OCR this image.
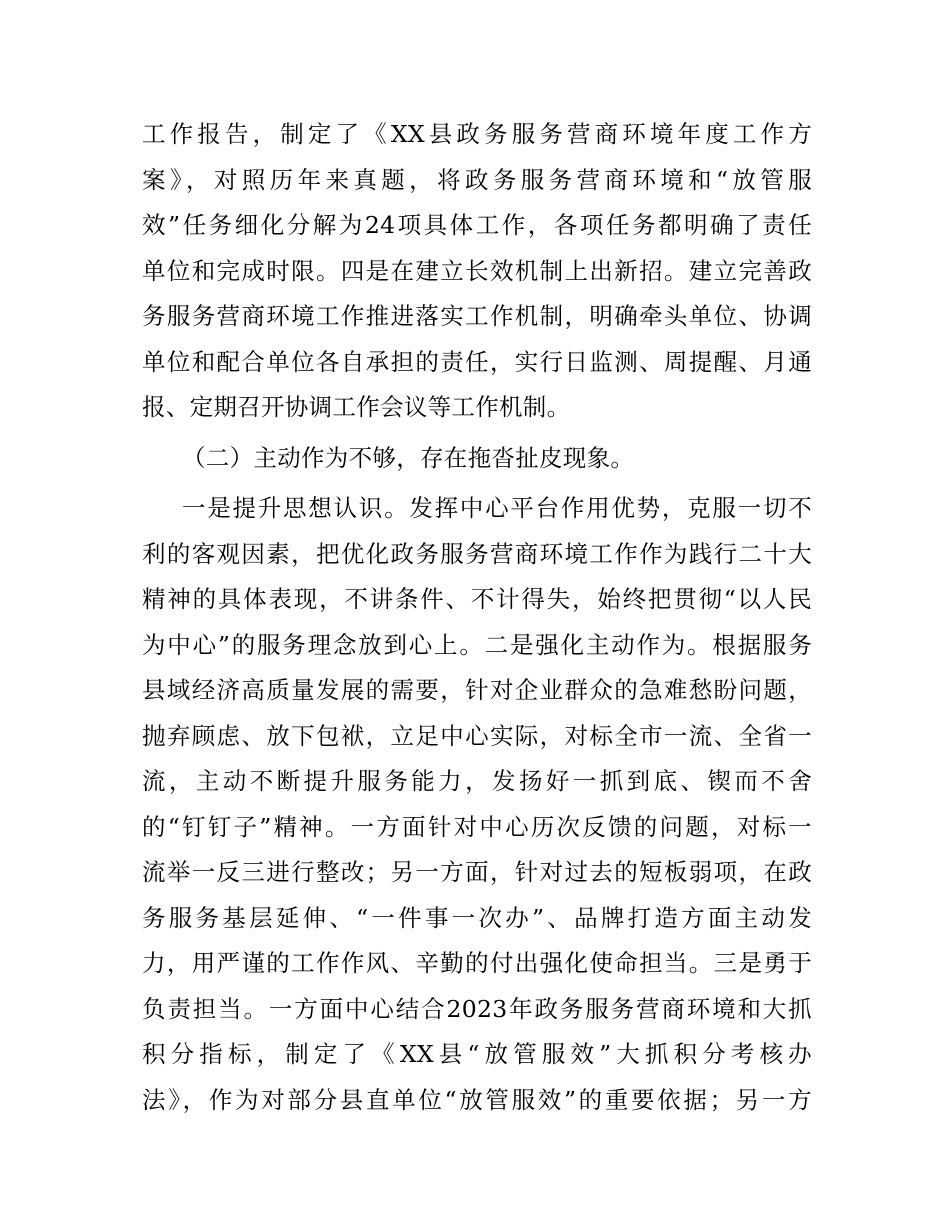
工作报告，制定了《XX县政务服务营商环境年度工作方
案》，对照历年来真题，将政务服务营商环境和“放管服
效”任务细化分解为24项具体工作，各项任务都明确了责任
单位和完成时限。四是在建立长效机制上出新招。建立完善政
务服务营商环境工作推进落实工作机制，明确牵头单位、协调
单位和配合单位各自承担的责任，实行日监测、周提醒、月通
报、定期召开协调工作会议等工作机制。
（二）主动作为不够，存在拖沓扯皮现象。
一是提升思想认识。发挥中心平台作用优势，克服一切不
利的客观因素，把优化政务服务营商环境工作作为践行二十大
精神的具体表现，不讲条件、不计得失，始终把贯彻“以人民
为中心”的服务理念放到心上。二是强化主动作为。根据服务
县域经济高质量发展的需要，针对企业群众的急难愁盼问题，
抛弃顾虑、放下包袱，立足中心实际，对标全市一流、全省一
流，主动不断提升服务能力，发扬好一抓到底、锲而不舍
的“钉钉子”精神。一方面针对中心历次反馈的问题，对标一
流举一反三进行整改；另一方面，针对过去的短板弱项，在政
务服务基层延伸、“一件事一次办”、品牌打造方面主动发
力，用严谨的工作作风、辛勤的付出强化使命担当。三是勇于
负责担当。一方面中心结合2023年政务服务营商环境和大抓
积分指标，制定了《XX县“放管服效”大抓积分考核办
法》，作为对部分县直单位“放管服效”的重要依据；另一方
